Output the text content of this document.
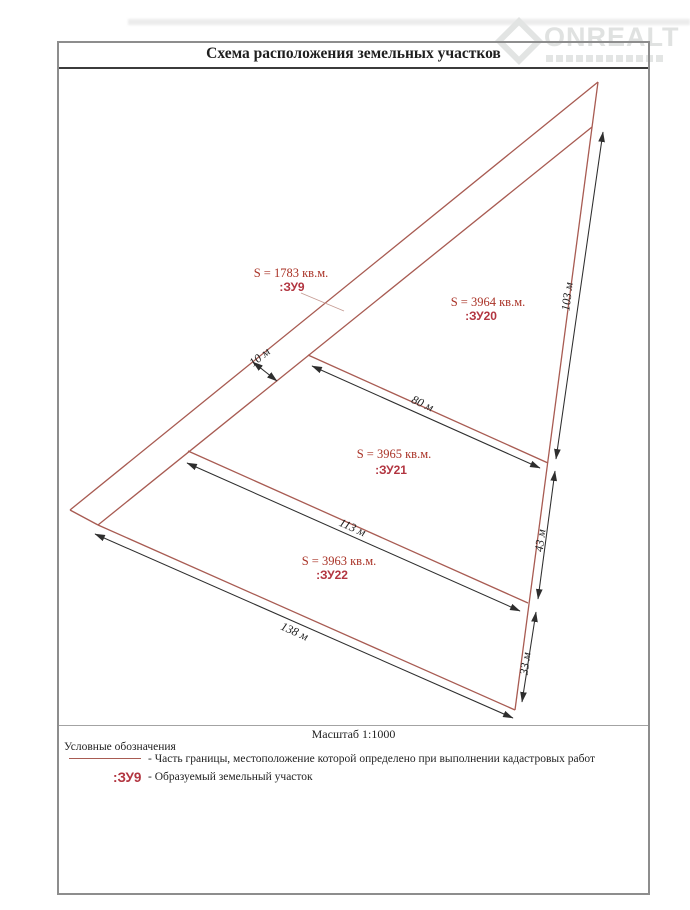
ONREALT
Схема расположения земельных участков
10 м
80 м
103 м
43 м
33 м
113 м
138 м
S = 1783 кв.м.
:ЗУ9
S = 3964 кв.м.
:ЗУ20
S = 3965 кв.м.
:ЗУ21
S = 3963 кв.м.
:ЗУ22
Масштаб 1:1000
Условные обозначения
- Часть границы, местоположение которой определено при выполнении кадастровых работ
:ЗУ9 - Образуемый земельный участок
